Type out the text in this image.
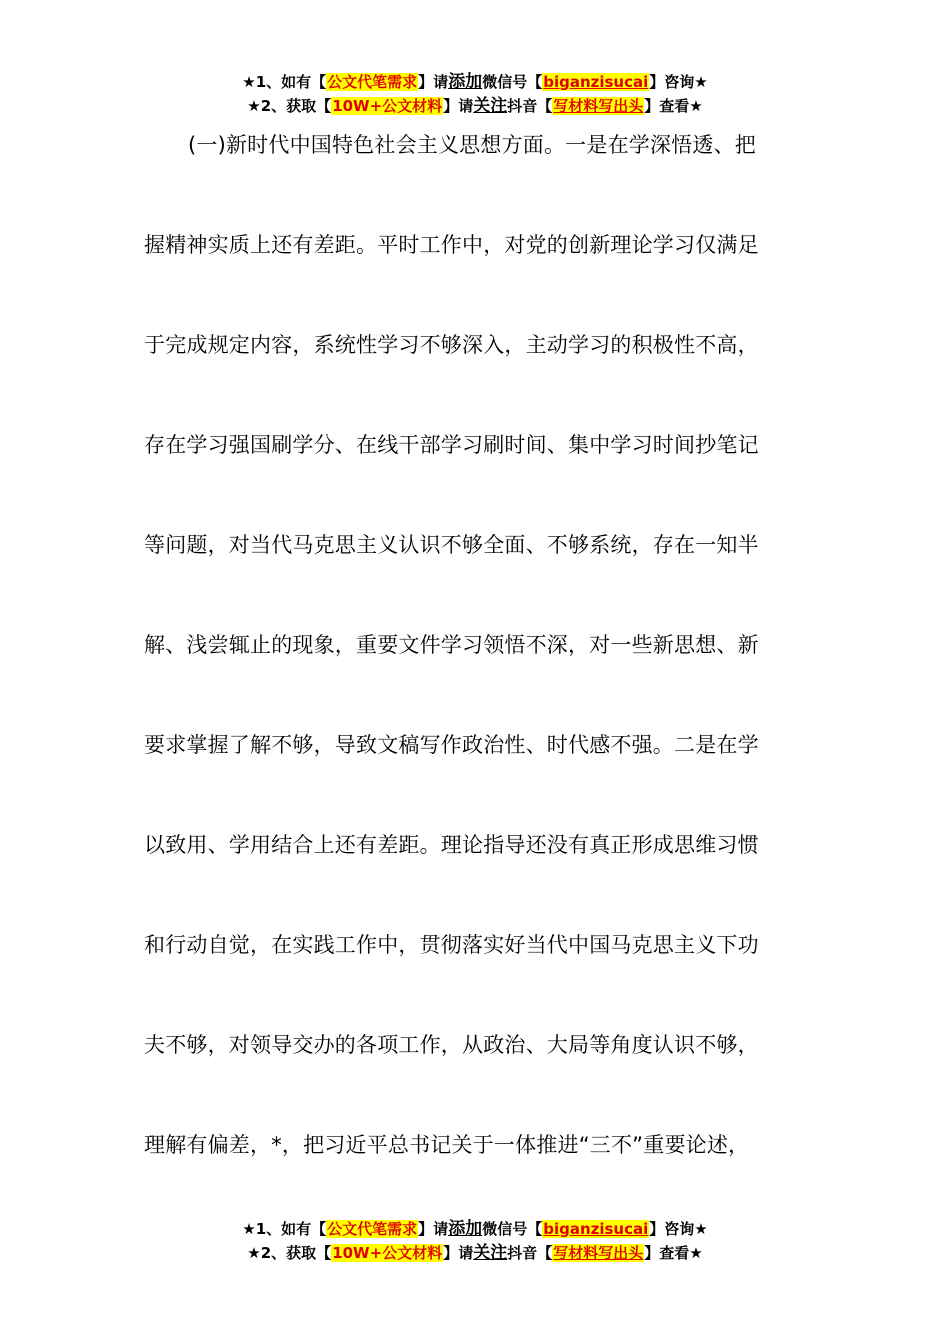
★1、如有【公文代笔需求】请添加微信号【biganzisucai】咨询★
★2、获取【10W+公文材料】请关注抖音【写材料写出头】查看★
(一)新时代中国特色社会主义思想方面。一是在学深悟透、把
握精神实质上还有差距。平时工作中，对党的创新理论学习仅满足
于完成规定内容，系统性学习不够深入，主动学习的积极性不高，
存在学习强国刷学分、在线干部学习刷时间、集中学习时间抄笔记
等问题，对当代马克思主义认识不够全面、不够系统，存在一知半
解、浅尝辄止的现象，重要文件学习领悟不深，对一些新思想、新
要求掌握了解不够，导致文稿写作政治性、时代感不强。二是在学
以致用、学用结合上还有差距。理论指导还没有真正形成思维习惯
和行动自觉，在实践工作中，贯彻落实好当代中国马克思主义下功
夫不够，对领导交办的各项工作，从政治、大局等角度认识不够，
理解有偏差，*，把习近平总书记关于一体推进“三不”重要论述，
★1、如有【公文代笔需求】请添加微信号【biganzisucai】咨询★
★2、获取【10W+公文材料】请关注抖音【写材料写出头】查看★
